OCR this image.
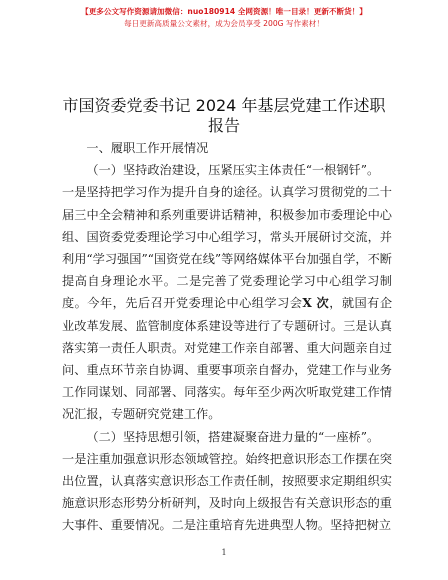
【更多公文写作资源请加微信：nuo180914 全网资源！唯一目录！更新不断货！】
每日更新高质量公文素材，成为会员享受 200G 写作素材！
市国资委党委书记 2024 年基层党建工作述职报告

一、履职工作开展情况

（一）坚持政治建设，压紧压实主体责任“一根钢钎”。

一是坚持把学习作为提升自身的途径。认真学习贯彻党的二十届三中全会精神和系列重要讲话精神，积极参加市委理论中心组、国资委党委理论学习中心组学习，常头开展研讨交流，并利用“学习强国”“国资党在线”等网络媒体平台加强自学，不断提高自身理论水平。二是完善了党委理论学习中心组学习制度。今年，先后召开党委理论中心组学习会X 次，就国有企业改革发展、监管制度体系建设等进行了专题研讨。三是认真落实第一责任人职责。对党建工作亲自部署、重大问题亲自过问、重点环节亲自协调、重要事项亲自督办，党建工作与业务工作同谋划、同部署、同落实。每年至少两次听取党建工作情况汇报，专题研究党建工作。

（二）坚持思想引领，搭建凝聚奋进力量的“一座桥”。

一是注重加强意识形态领域管控。始终把意识形态工作摆在突出位置，认真落实意识形态工作责任制，按照要求定期组织实施意识形态形势分析研判，及时向上级报告有关意识形态的重大事件、重要情况。二是注重培育先进典型人物。坚持把树立

1
